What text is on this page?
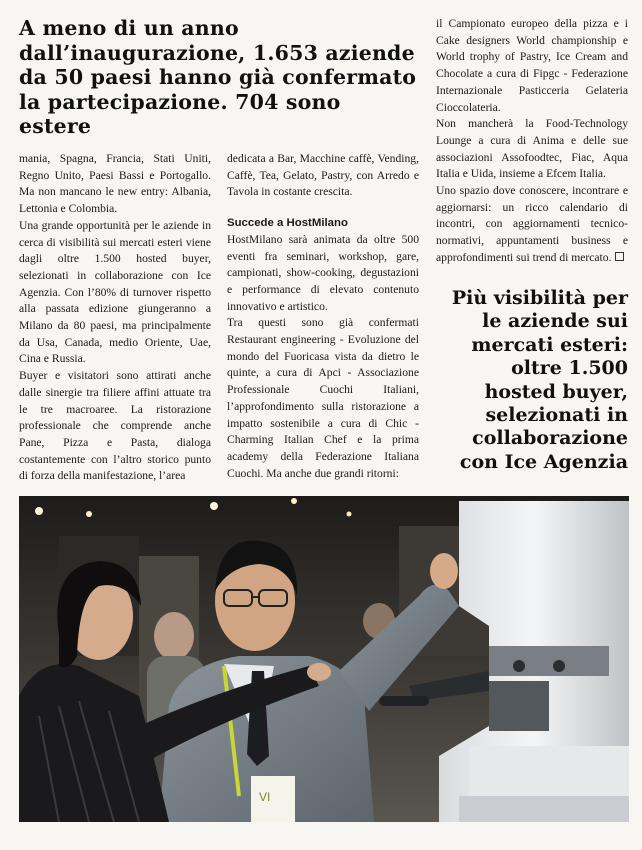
A meno di un anno dall’inaugurazione, 1.653 aziende da 50 paesi hanno già confermato la partecipazione. 704 sono estere

mania, Spagna, Francia, Stati Uniti, Regno Unito, Paesi Bassi e Portogallo. Ma non mancano le new entry: Albania, Lettonia e Colombia.

Una grande opportunità per le aziende in cerca di visibilità sui mercati esteri viene dagli oltre 1.500 hosted buyer, selezionati in collaborazione con Ice Agenzia. Con l’80% di turnover rispetto alla passata edizione giungeranno a Milano da 80 paesi, ma principalmente da Usa, Canada, medio Oriente, Uae, Cina e Russia.

Buyer e visitatori sono attirati anche dalle sinergie tra filiere affini attuate tra le tre macroaree. La ristorazione professionale che comprende anche Pane, Pizza e Pasta, dialoga costantemente con l’altro storico punto di forza della manifestazione, l’area

dedicata a Bar, Macchine caffè, Vending, Caffè, Tea, Gelato, Pastry, con Arredo e Tavola in costante crescita.

Succede a HostMilano

HostMilano sarà animata da oltre 500 eventi fra seminari, workshop, gare, campionati, show-cooking, degustazioni e performance di elevato contenuto innovativo e artistico.

Tra questi sono già confermati Restaurant engineering - Evoluzione del mondo del Fuoricasa vista da dietro le quinte, a cura di Apci - Associazione Professionale Cuochi Italiani, l’approfondimento sulla ristorazione a impatto sostenibile a cura di Chic - Charming Italian Chef e la prima academy della Federazione Italiana Cuochi. Ma anche due grandi ritorni:

il Campionato europeo della pizza e i Cake designers World championship e World trophy of Pastry, Ice Cream and Chocolate a cura di Fipgc - Federazione Internazionale Pasticceria Gelateria Cioccolateria.

Non mancherà la Food-Technology Lounge a cura di Anima e delle sue associazioni Assofoodtec, Fiac, Aqua Italia e Uida, insieme a Efcem Italia.

Uno spazio dove conoscere, incontrare e aggiornarsi: un ricco calendario di incontri, con aggiornamenti tecnico-normativi, appuntamenti business e approfondimenti sui trend di mercato.

Più visibilità per le aziende sui mercati esteri: oltre 1.500 hosted buyer, selezionati in collaborazione con Ice Agenzia
VI
